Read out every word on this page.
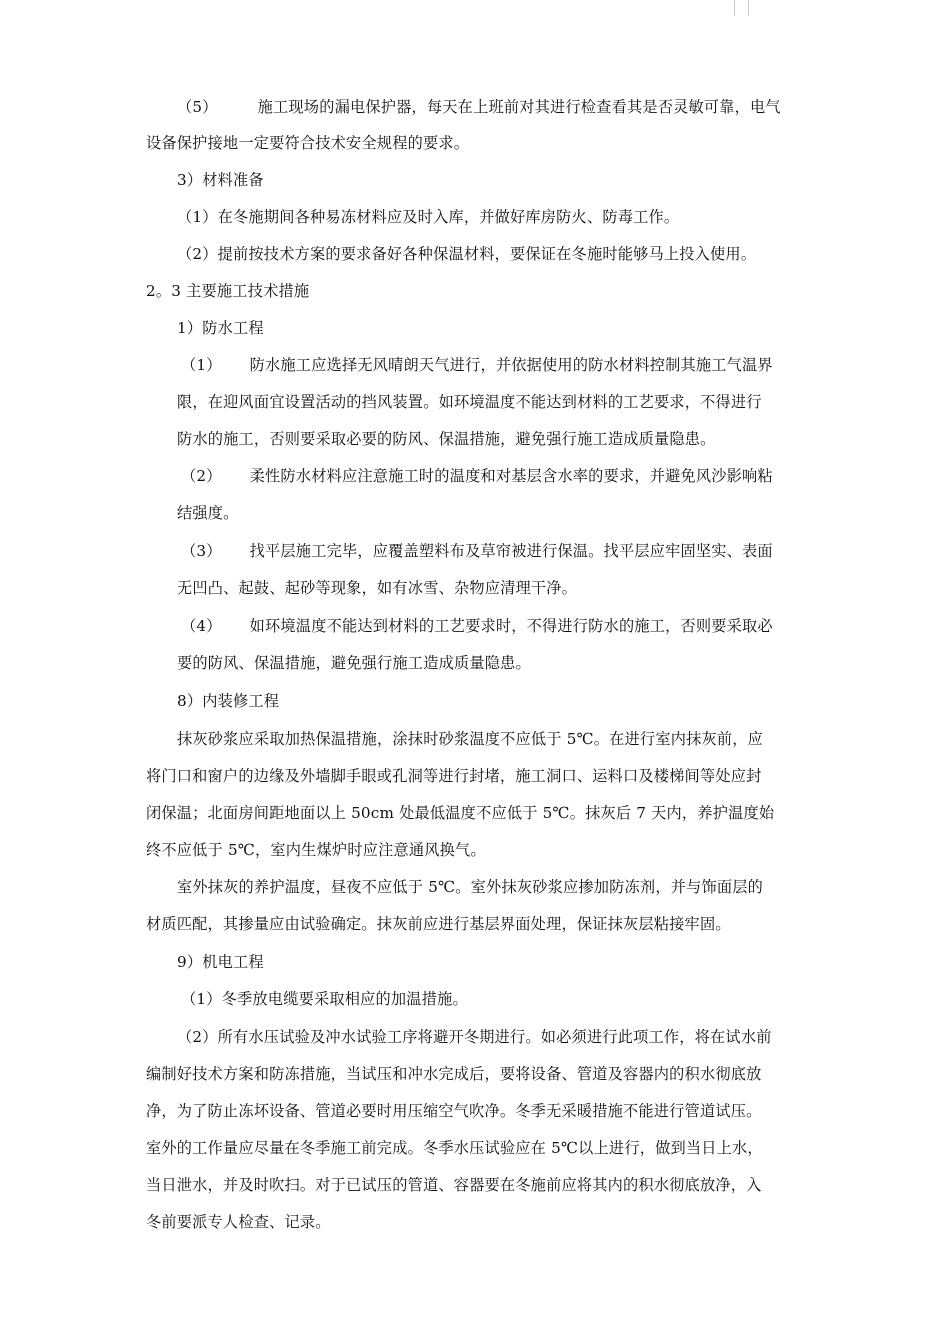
（5）	施工现场的漏电保护器，每天在上班前对其进行检查看其是否灵敏可靠，电气
设备保护接地一定要符合技术安全规程的要求。
3）材料准备
（1）在冬施期间各种易冻材料应及时入库，并做好库房防火、防毒工作。
（2）提前按技术方案的要求备好各种保温材料，要保证在冬施时能够马上投入使用。
2。3 主要施工技术措施
1）防水工程
（1） 防水施工应选择无风晴朗天气进行，并依据使用的防水材料控制其施工气温界
限，在迎风面宜设置活动的挡风装置。如环境温度不能达到材料的工艺要求，不得进行
防水的施工，否则要采取必要的防风、保温措施，避免强行施工造成质量隐患。
（2） 柔性防水材料应注意施工时的温度和对基层含水率的要求，并避免风沙影响粘
结强度。
（3） 找平层施工完毕，应覆盖塑料布及草帘被进行保温。找平层应牢固坚实、表面
无凹凸、起鼓、起砂等现象，如有冰雪、杂物应清理干净。
（4） 如环境温度不能达到材料的工艺要求时，不得进行防水的施工，否则要采取必
要的防风、保温措施，避免强行施工造成质量隐患。
8）内装修工程
抹灰砂浆应采取加热保温措施，涂抹时砂浆温度不应低于 5℃。在进行室内抹灰前，应
将门口和窗户的边缘及外墙脚手眼或孔洞等进行封堵，施工洞口、运料口及楼梯间等处应封
闭保温；北面房间距地面以上 50cm 处最低温度不应低于 5℃。抹灰后 7 天内，养护温度始
终不应低于 5℃，室内生煤炉时应注意通风换气。
室外抹灰的养护温度，昼夜不应低于 5℃。室外抹灰砂浆应掺加防冻剂，并与饰面层的
材质匹配，其掺量应由试验确定。抹灰前应进行基层界面处理，保证抹灰层粘接牢固。
9）机电工程
（1）冬季放电缆要采取相应的加温措施。
（2）所有水压试验及冲水试验工序将避开冬期进行。如必须进行此项工作，将在试水前
编制好技术方案和防冻措施，当试压和冲水完成后，要将设备、管道及容器内的积水彻底放
净，为了防止冻坏设备、管道必要时用压缩空气吹净。冬季无采暖措施不能进行管道试压。
室外的工作量应尽量在冬季施工前完成。冬季水压试验应在 5℃以上进行，做到当日上水，
当日泄水，并及时吹扫。对于已试压的管道、容器要在冬施前应将其内的积水彻底放净，入
冬前要派专人检查、记录。
